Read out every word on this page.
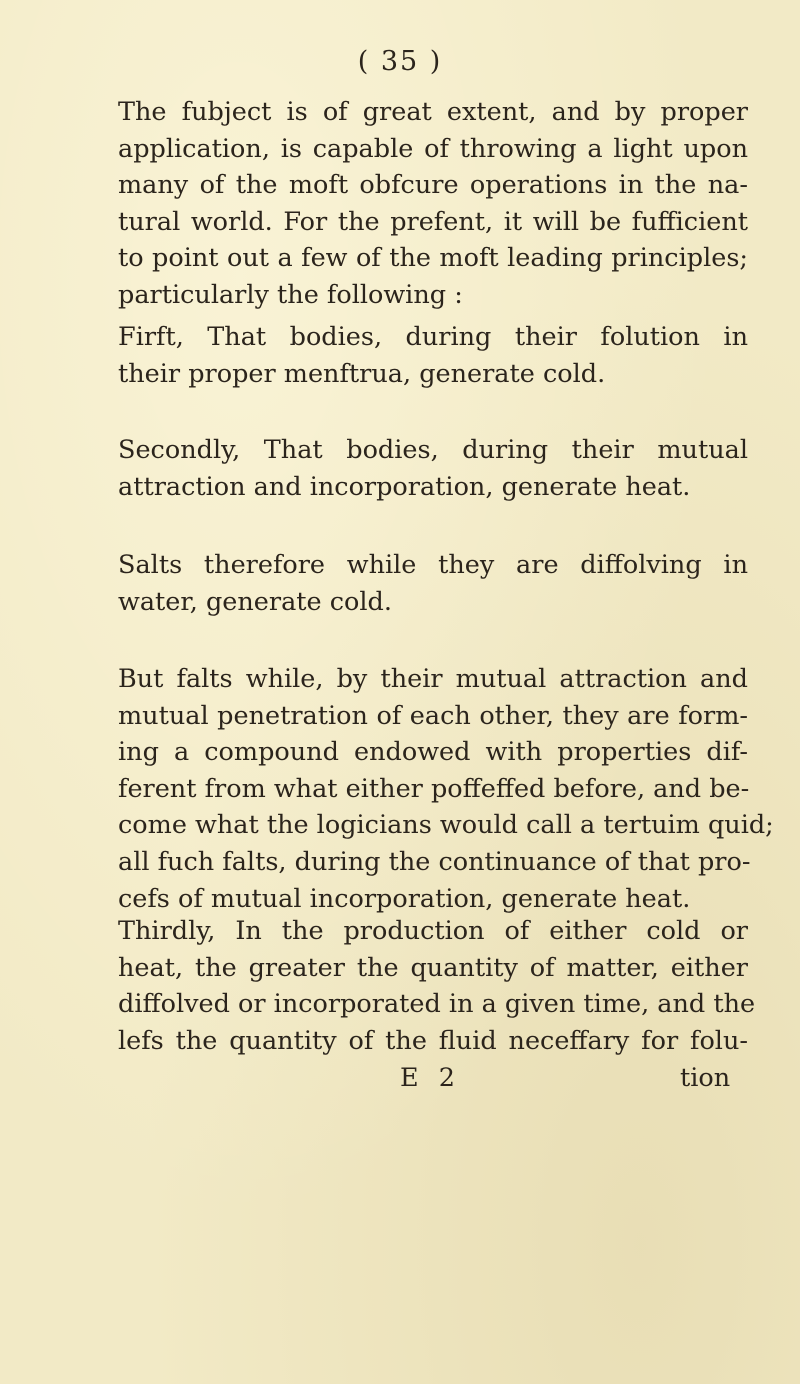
( 35 )
The fubject is of great extent, and by proper
application, is capable of throwing a light upon
many of the moft obfcure operations in the na-
tural world. For the prefent, it will be fufficient
to point out a few of the moft leading principles;
particularly the following :
Firft, That bodies, during their folution in
their proper menftrua, generate cold.
Secondly, That bodies, during their mutual
attraction and incorporation, generate heat.
Salts therefore while they are diffolving in
water, generate cold.
But falts while, by their mutual attraction and
mutual penetration of each other, they are form-
ing a compound endowed with properties dif-
ferent from what either poffeffed before, and be-
come what the logicians would call a tertuim quid;
all fuch falts, during the continuance of that pro-
cefs of mutual incorporation, generate heat.
Thirdly, In the production of either cold or
heat, the greater the quantity of matter, either
diffolved or incorporated in a given time, and the
lefs the quantity of the fluid neceffary for folu-
E 2	tion
